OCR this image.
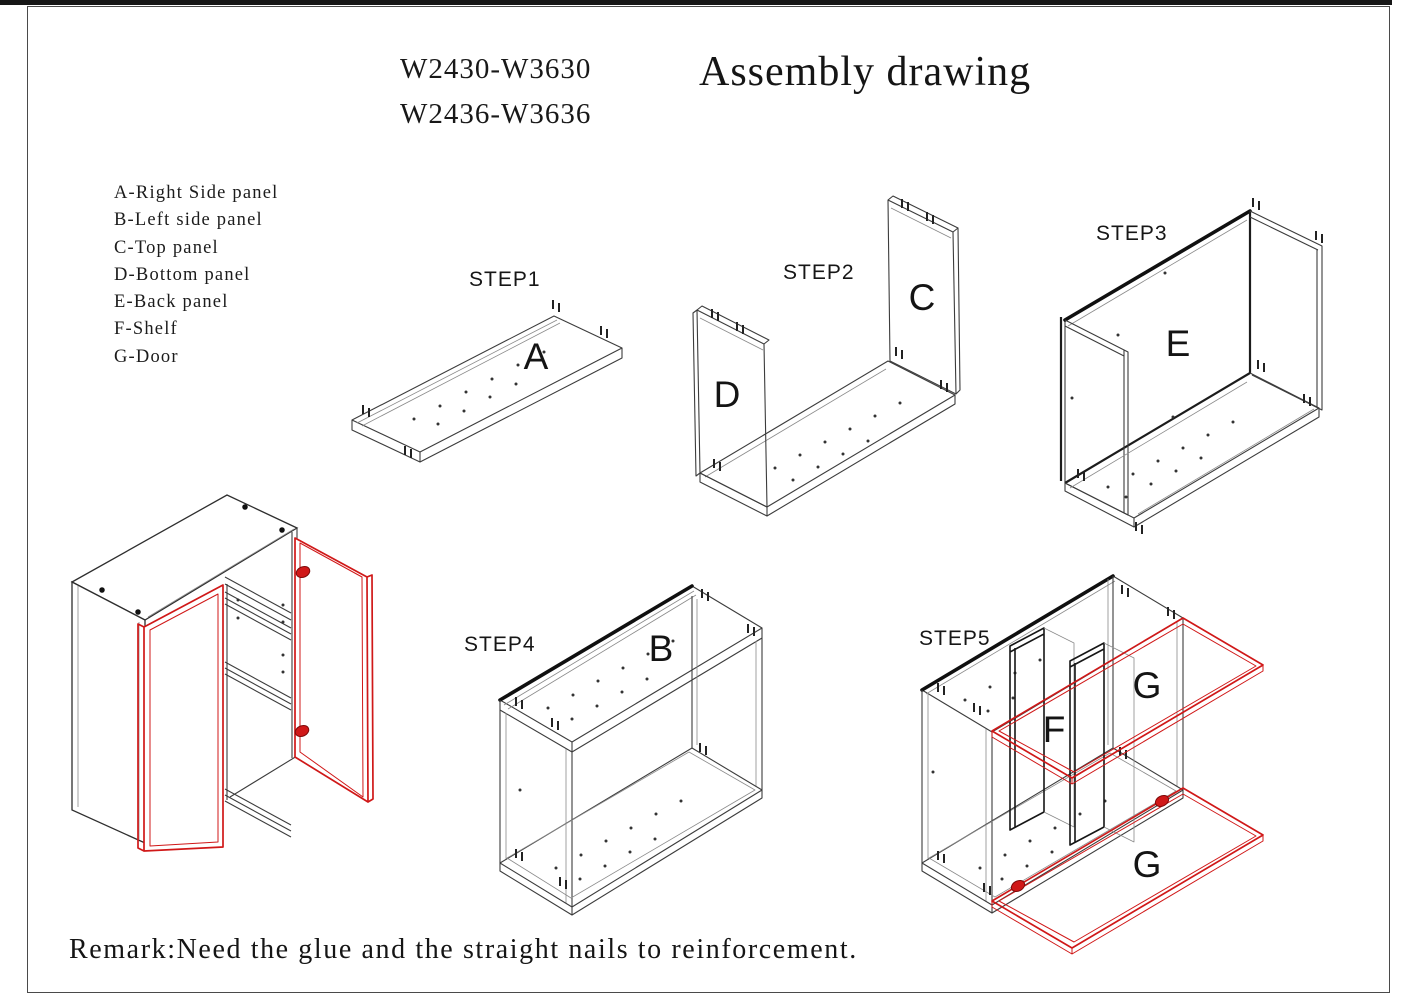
W2430-W3630
W2436-W3636
Assembly drawing
A-Right Side panel
B-Left side panel
C-Top panel
D-Bottom panel
E-Back panel
F-Shelf
G-Door
STEP1	STEP2
STEP3
STEP4	STEP5
A
D
C
E
B
F
G
G
Remark:Need the glue and the straight nails to reinforcement.
